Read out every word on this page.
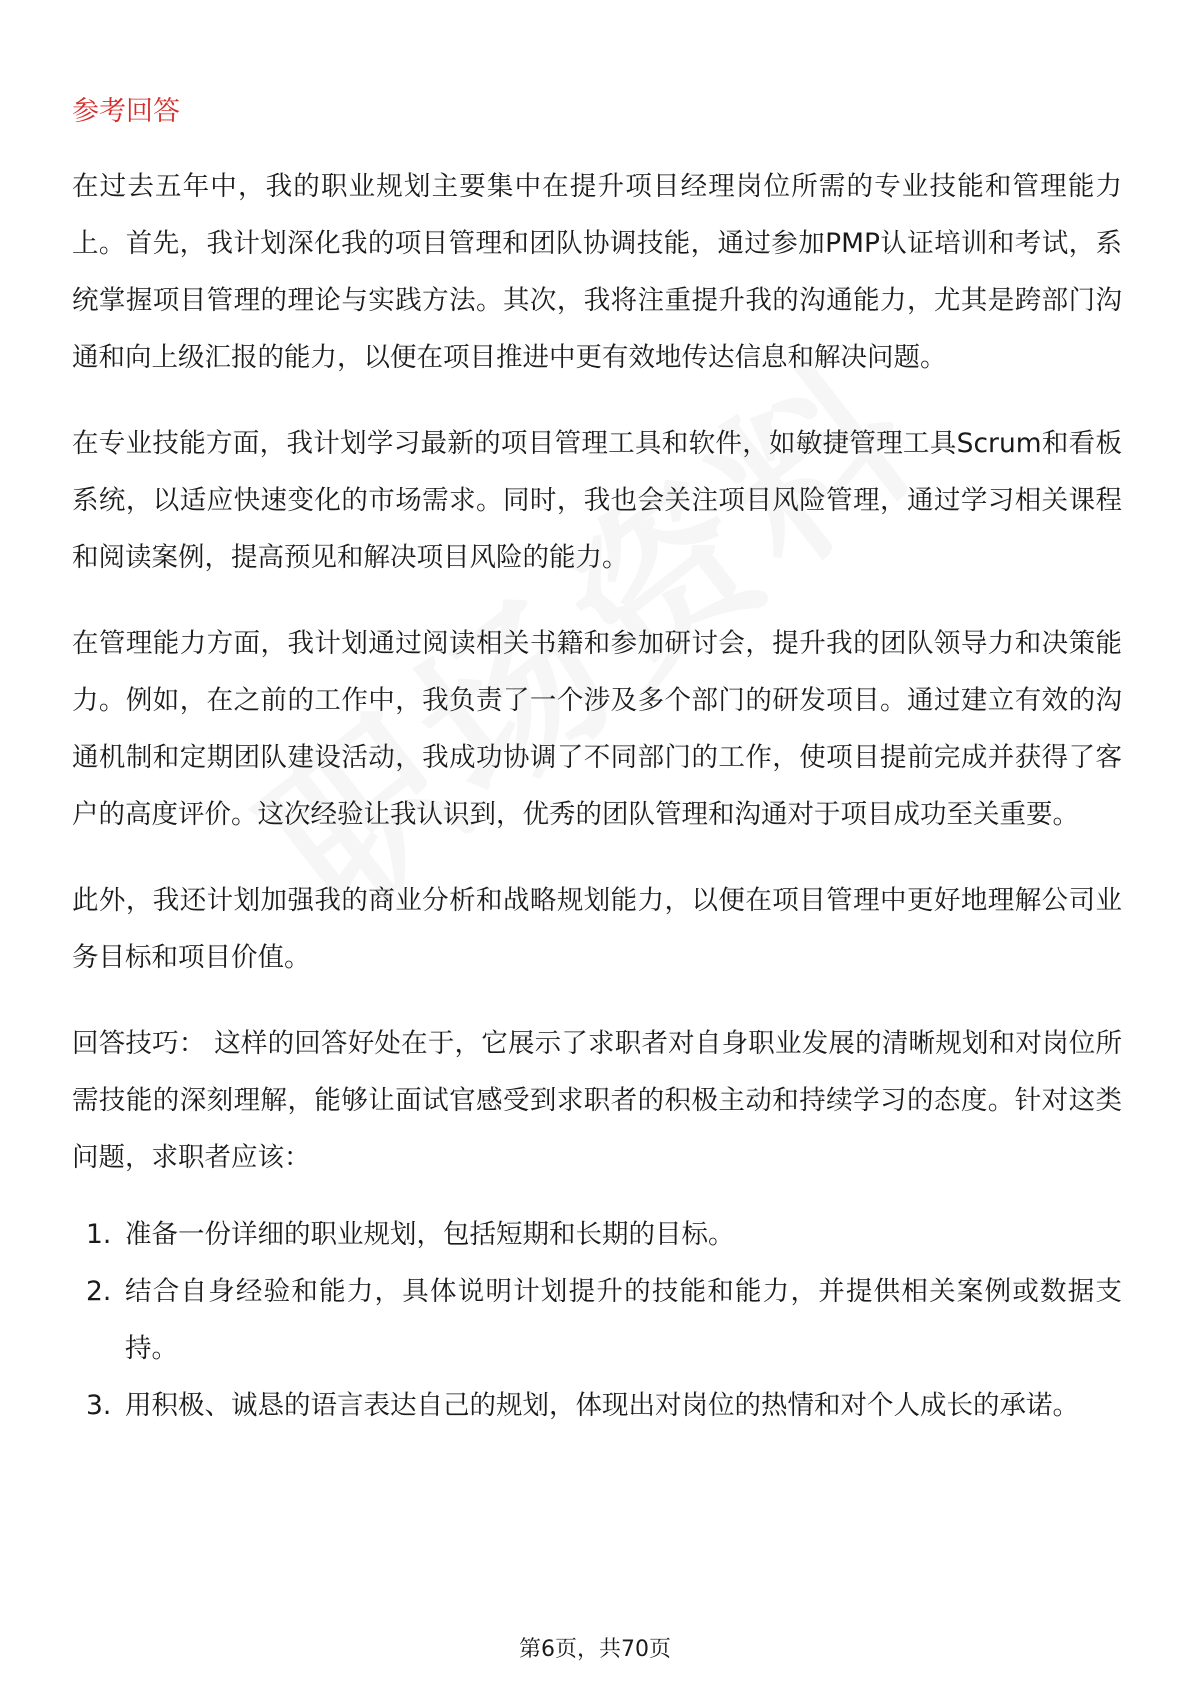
参考回答

在过去五年中，我的职业规划主要集中在提升项目经理岗位所需的专业技能和管理能力上。首先，我计划深化我的项目管理和团队协调技能，通过参加PMP认证培训和考试，系统掌握项目管理的理论与实践方法。其次，我将注重提升我的沟通能力，尤其是跨部门沟通和向上级汇报的能力，以便在项目推进中更有效地传达信息和解决问题。

在专业技能方面，我计划学习最新的项目管理工具和软件，如敏捷管理工具Scrum和看板系统，以适应快速变化的市场需求。同时，我也会关注项目风险管理，通过学习相关课程和阅读案例，提高预见和解决项目风险的能力。

在管理能力方面，我计划通过阅读相关书籍和参加研讨会，提升我的团队领导力和决策能力。例如，在之前的工作中，我负责了一个涉及多个部门的研发项目。通过建立有效的沟通机制和定期团队建设活动，我成功协调了不同部门的工作，使项目提前完成并获得了客户的高度评价。这次经验让我认识到，优秀的团队管理和沟通对于项目成功至关重要。

此外，我还计划加强我的商业分析和战略规划能力，以便在项目管理中更好地理解公司业务目标和项目价值。

回答技巧： 这样的回答好处在于，它展示了求职者对自身职业发展的清晰规划和对岗位所需技能的深刻理解，能够让面试官感受到求职者的积极主动和持续学习的态度。针对这类问题，求职者应该：

1. 准备一份详细的职业规划，包括短期和长期的目标。
2. 结合自身经验和能力，具体说明计划提升的技能和能力，并提供相关案例或数据支持。
3. 用积极、诚恳的语言表达自己的规划，体现出对岗位的热情和对个人成长的承诺。
第6页，共70页
